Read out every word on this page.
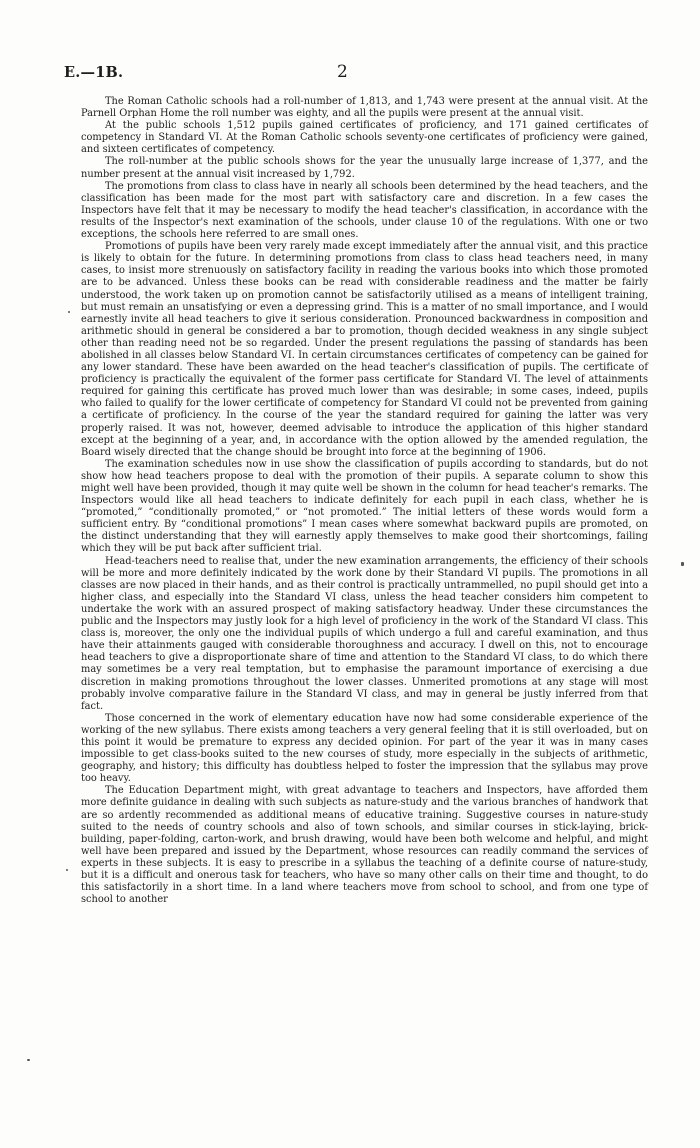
E.—1B.	2

The Roman Catholic schools had a roll-number of 1,813, and 1,743 were present at the annual visit. At the Parnell Orphan Home the roll number was eighty, and all the pupils were present at the annual visit.

At the public schools 1,512 pupils gained certificates of proficiency, and 171 gained certificates of competency in Standard VI. At the Roman Catholic schools seventy-one certificates of proficiency were gained, and sixteen certificates of competency.

The roll-number at the public schools shows for the year the unusually large increase of 1,377, and the number present at the annual visit increased by 1,792.

The promotions from class to class have in nearly all schools been determined by the head teachers, and the classification has been made for the most part with satisfactory care and discretion. In a few cases the Inspectors have felt that it may be necessary to modify the head teacher's classification, in accordance with the results of the Inspector's next examination of the schools, under clause 10 of the regulations. With one or two exceptions, the schools here referred to are small ones.

Promotions of pupils have been very rarely made except immediately after the annual visit, and this practice is likely to obtain for the future. In determining promotions from class to class head teachers need, in many cases, to insist more strenuously on satisfactory facility in reading the various books into which those promoted are to be advanced. Unless these books can be read with considerable readiness and the matter be fairly understood, the work taken up on promotion cannot be satisfactorily utilised as a means of intelligent training, but must remain an unsatisfying or even a depressing grind. This is a matter of no small importance, and I would earnestly invite all head teachers to give it serious consideration. Pronounced backwardness in composition and arithmetic should in general be considered a bar to promotion, though decided weakness in any single subject other than reading need not be so regarded. Under the present regulations the passing of standards has been abolished in all classes below Standard VI. In certain circumstances certificates of competency can be gained for any lower standard. These have been awarded on the head teacher's classification of pupils. The certificate of proficiency is practically the equivalent of the former pass certificate for Standard VI. The level of attainments required for gaining this certificate has proved much lower than was desirable; in some cases, indeed, pupils who failed to qualify for the lower certificate of competency for Standard VI could not be prevented from gaining a certificate of proficiency. In the course of the year the standard required for gaining the latter was very properly raised. It was not, however, deemed advisable to introduce the application of this higher standard except at the beginning of a year, and, in accordance with the option allowed by the amended regulation, the Board wisely directed that the change should be brought into force at the beginning of 1906.

The examination schedules now in use show the classification of pupils according to standards, but do not show how head teachers propose to deal with the promotion of their pupils. A separate column to show this might well have been provided, though it may quite well be shown in the column for head teacher's remarks. The Inspectors would like all head teachers to indicate definitely for each pupil in each class, whether he is “promoted,” “conditionally promoted,” or “not promoted.” The initial letters of these words would form a sufficient entry. By “conditional promotions” I mean cases where somewhat backward pupils are promoted, on the distinct understanding that they will earnestly apply themselves to make good their shortcomings, failing which they will be put back after sufficient trial.

Head-teachers need to realise that, under the new examination arrangements, the efficiency of their schools will be more and more definitely indicated by the work done by their Standard VI pupils. The promotions in all classes are now placed in their hands, and as their control is practically untrammelled, no pupil should get into a higher class, and especially into the Standard VI class, unless the head teacher considers him competent to undertake the work with an assured prospect of making satisfactory headway. Under these circumstances the public and the Inspectors may justly look for a high level of proficiency in the work of the Standard VI class. This class is, moreover, the only one the individual pupils of which undergo a full and careful examination, and thus have their attainments gauged with considerable thoroughness and accuracy. I dwell on this, not to encourage head teachers to give a disproportionate share of time and attention to the Standard VI class, to do which there may sometimes be a very real temptation, but to emphasise the paramount importance of exercising a due discretion in making promotions throughout the lower classes. Unmerited promotions at any stage will most probably involve comparative failure in the Standard VI class, and may in general be justly inferred from that fact.

Those concerned in the work of elementary education have now had some considerable experience of the working of the new syllabus. There exists among teachers a very general feeling that it is still overloaded, but on this point it would be premature to express any decided opinion. For part of the year it was in many cases impossible to get class-books suited to the new courses of study, more especially in the subjects of arithmetic, geography, and history; this difficulty has doubtless helped to foster the impression that the syllabus may prove too heavy.

The Education Department might, with great advantage to teachers and Inspectors, have afforded them more definite guidance in dealing with such subjects as nature-study and the various branches of handwork that are so ardently recommended as additional means of educative training. Suggestive courses in nature-study suited to the needs of country schools and also of town schools, and similar courses in stick-laying, brick-building, paper-folding, carton-work, and brush drawing, would have been both welcome and helpful, and might well have been prepared and issued by the Department, whose resources can readily command the services of experts in these subjects. It is easy to prescribe in a syllabus the teaching of a definite course of nature-study, but it is a difficult and onerous task for teachers, who have so many other calls on their time and thought, to do this satisfactorily in a short time. In a land where teachers move from school to school, and from one type of school to another
